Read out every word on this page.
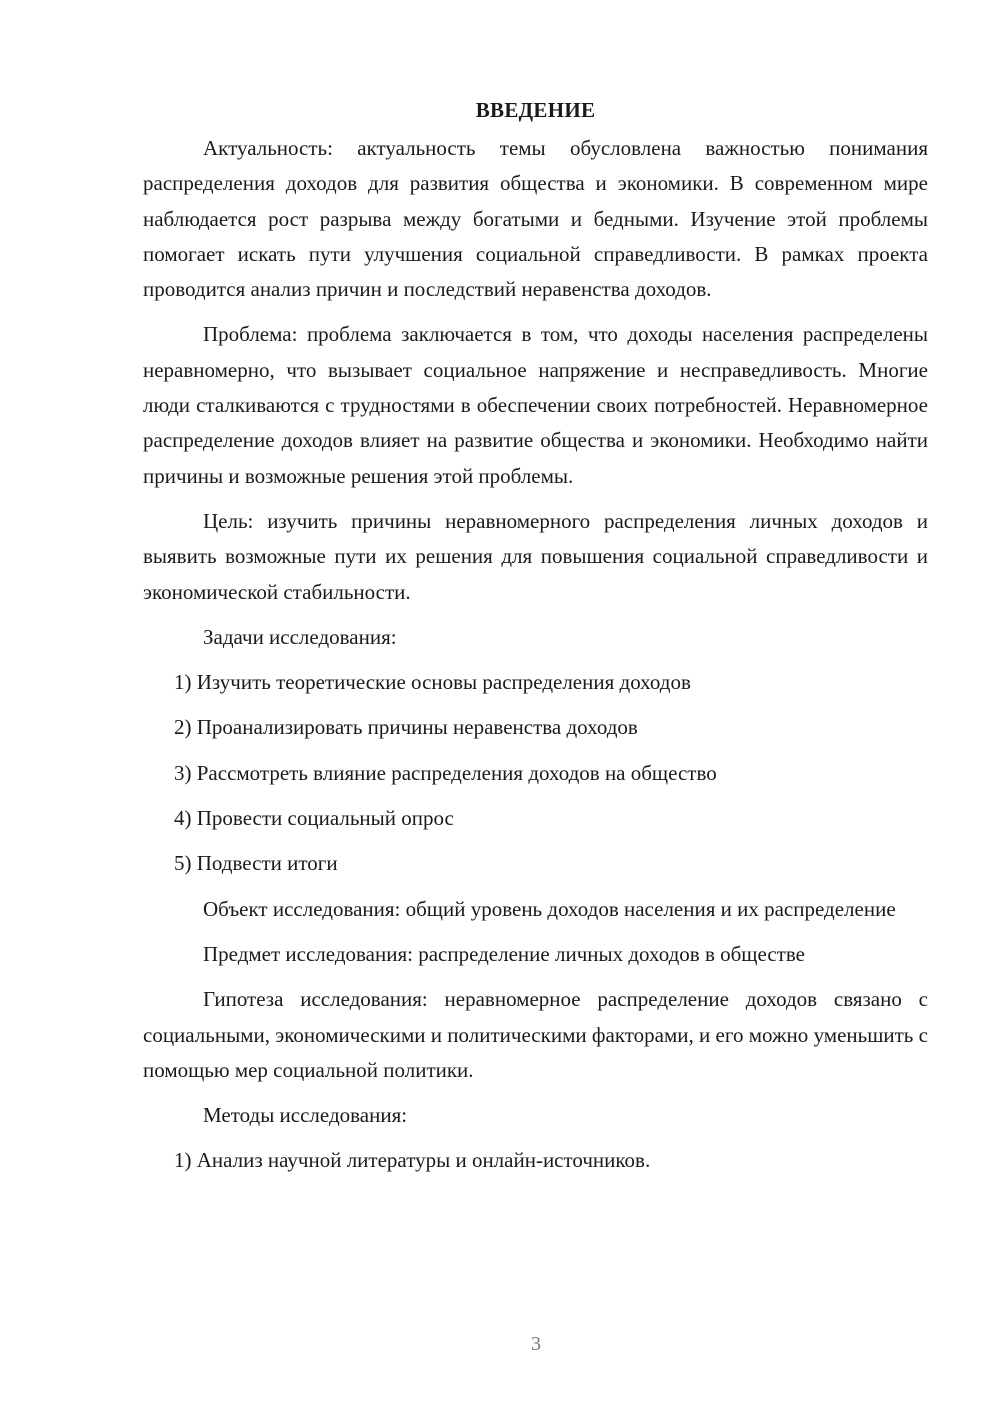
ВВЕДЕНИЕ

Актуальность: актуальность темы обусловлена важностью понимания распределения доходов для развития общества и экономики. В современном мире наблюдается рост разрыва между богатыми и бедными. Изучение этой проблемы помогает искать пути улучшения социальной справедливости. В рамках проекта проводится анализ причин и последствий неравенства доходов.

Проблема: проблема заключается в том, что доходы населения распределены неравномерно, что вызывает социальное напряжение и несправедливость. Многие люди сталкиваются с трудностями в обеспечении своих потребностей. Неравномерное распределение доходов влияет на развитие общества и экономики. Необходимо найти причины и возможные решения этой проблемы.

Цель: изучить причины неравномерного распределения личных доходов и выявить возможные пути их решения для повышения социальной справедливости и экономической стабильности.

Задачи исследования:
1) Изучить теоретические основы распределения доходов
2) Проанализировать причины неравенства доходов
3) Рассмотреть влияние распределения доходов на общество
4) Провести социальный опрос
5) Подвести итоги

Объект исследования: общий уровень доходов населения и их распределение

Предмет исследования: распределение личных доходов в обществе

Гипотеза исследования: неравномерное распределение доходов связано с социальными, экономическими и политическими факторами, и его можно уменьшить с помощью мер социальной политики.

Методы исследования:
1) Анализ научной литературы и онлайн-источников.
3
